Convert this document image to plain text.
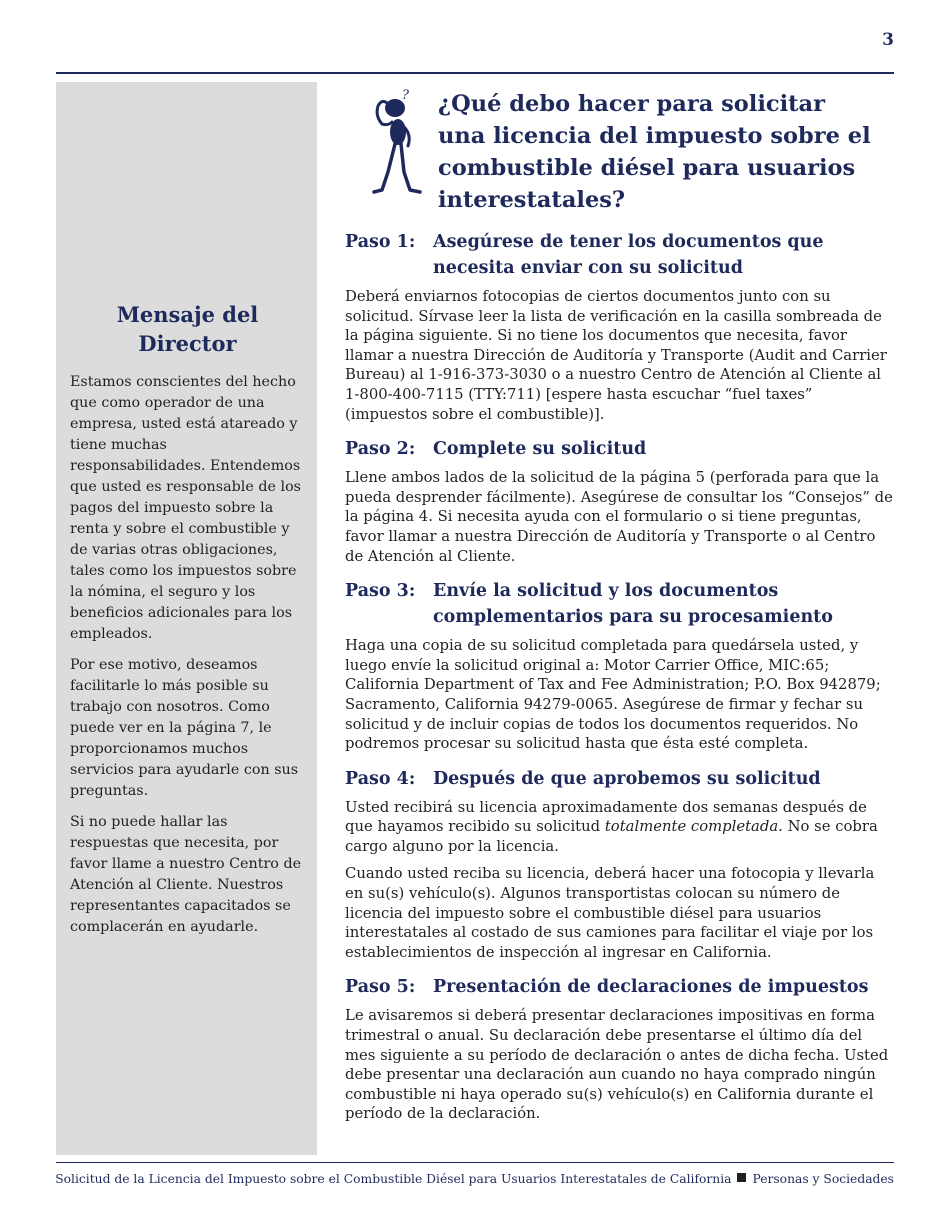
3
Mensaje del Director

Estamos conscientes del hecho que como operador de una empresa, usted está atareado y tiene muchas responsabilidades. Entendemos que usted es responsable de los pagos del impuesto sobre la renta y sobre el combustible y de varias otras obligaciones, tales como los impuestos sobre la nómina, el seguro y los beneficios adicionales para los empleados.

Por ese motivo, deseamos facilitarle lo más posible su trabajo con nosotros. Como puede ver en la página 7, le proporcionamos muchos servicios para ayudarle con sus preguntas.

Si no puede hallar las respuestas que necesita, por favor llame a nuestro Centro de Atención al Cliente. Nuestros representantes capacitados se complacerán en ayudarle.

? ¿Qué debo hacer para solicitar una licencia del impuesto sobre el combustible diésel para usuarios interestatales?
Paso 1:	Asegúrese de tener los documentos que necesita enviar con su solicitud

Deberá enviarnos fotocopias de ciertos documentos junto con su solicitud. Sírvase leer la lista de verificación en la casilla sombreada de la página siguiente. Si no tiene los documentos que necesita, favor llamar a nuestra Dirección de Auditoría y Transporte (Audit and Carrier Bureau) al 1-916-373-3030 o a nuestro Centro de Atención al Cliente al 1-800-400-7115 (TTY:711) [espere hasta escuchar “fuel taxes” (impuestos sobre el combustible)].

Paso 2:	Complete su solicitud

Llene ambos lados de la solicitud de la página 5 (perforada para que la pueda desprender fácilmente). Asegúrese de consultar los “Consejos” de la página 4. Si necesita ayuda con el formulario o si tiene preguntas, favor llamar a nuestra Dirección de Auditoría y Transporte o al Centro de Atención al Cliente.

Paso 3:	Envíe la solicitud y los documentos complementarios para su procesamiento

Haga una copia de su solicitud completada para quedársela usted, y luego envíe la solicitud original a: Motor Carrier Office, MIC:65; California Department of Tax and Fee Administration; P.O. Box 942879; Sacramento, California 94279-0065. Asegúrese de firmar y fechar su solicitud y de incluir copias de todos los documentos requeridos. No podremos procesar su solicitud hasta que ésta esté completa.

Paso 4:	Después de que aprobemos su solicitud

Usted recibirá su licencia aproximadamente dos semanas después de que hayamos recibido su solicitud totalmente completada. No se cobra cargo alguno por la licencia.

Cuando usted reciba su licencia, deberá hacer una fotocopia y llevarla en su(s) vehículo(s). Algunos transportistas colocan su número de licencia del impuesto sobre el combustible diésel para usuarios interestatales al costado de sus camiones para facilitar el viaje por los establecimientos de inspección al ingresar en California.

Paso 5:	Presentación de declaraciones de impuestos

Le avisaremos si deberá presentar declaraciones impositivas en forma trimestral o anual. Su declaración debe presentarse el último día del mes siguiente a su período de declaración o antes de dicha fecha. Usted debe presentar una declaración aun cuando no haya comprado ningún combustible ni haya operado su(s) vehículo(s) en California durante el período de la declaración.

Solicitud de la Licencia del Impuesto sobre el Combustible Diésel para Usuarios Interestatales de California Personas y Sociedades
